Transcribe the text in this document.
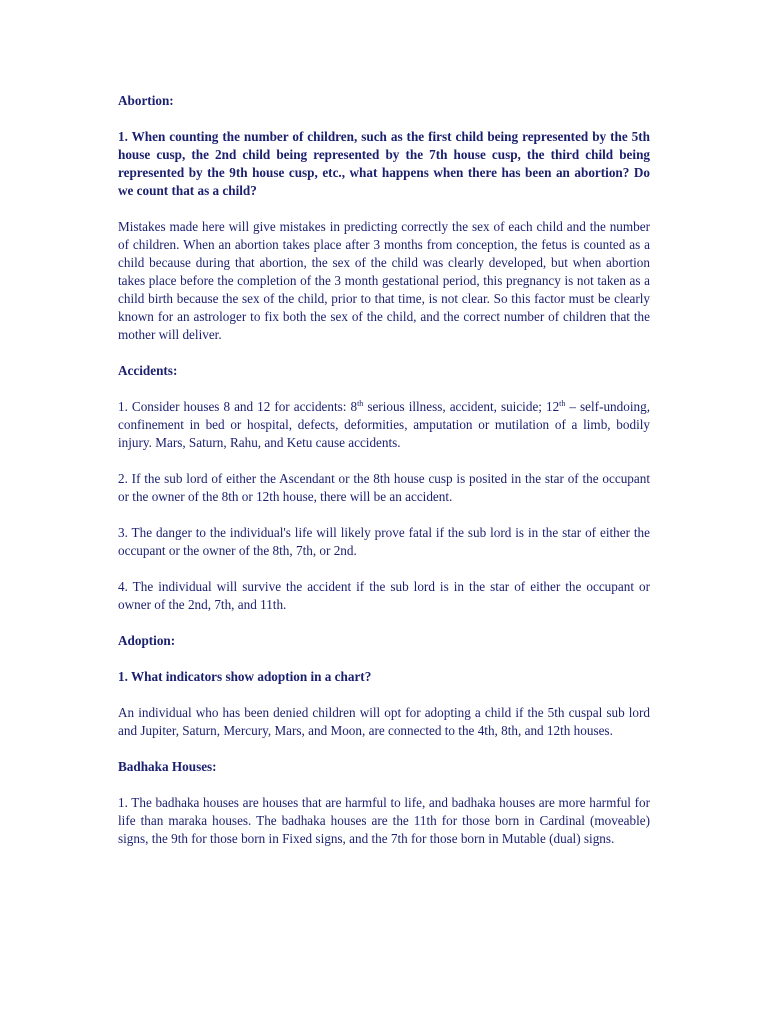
Abortion:

1. When counting the number of children, such as the first child being represented by the 5th house cusp, the 2nd child being represented by the 7th house cusp, the third child being represented by the 9th house cusp, etc., what happens when there has been an abortion? Do we count that as a child?

Mistakes made here will give mistakes in predicting correctly the sex of each child and the number of children. When an abortion takes place after 3 months from conception, the fetus is counted as a child because during that abortion, the sex of the child was clearly developed, but when abortion takes place before the completion of the 3 month gestational period, this pregnancy is not taken as a child birth because the sex of the child, prior to that time, is not clear. So this factor must be clearly known for an astrologer to fix both the sex of the child, and the correct number of children that the mother will deliver.

Accidents:

1. Consider houses 8 and 12 for accidents: 8th serious illness, accident, suicide; 12th – self-undoing, confinement in bed or hospital, defects, deformities, amputation or mutilation of a limb, bodily injury. Mars, Saturn, Rahu, and Ketu cause accidents.

2. If the sub lord of either the Ascendant or the 8th house cusp is posited in the star of the occupant or the owner of the 8th or 12th house, there will be an accident.

3. The danger to the individual's life will likely prove fatal if the sub lord is in the star of either the occupant or the owner of the 8th, 7th, or 2nd.

4. The individual will survive the accident if the sub lord is in the star of either the occupant or owner of the 2nd, 7th, and 11th.

Adoption:

1. What indicators show adoption in a chart?

An individual who has been denied children will opt for adopting a child if the 5th cuspal sub lord and Jupiter, Saturn, Mercury, Mars, and Moon, are connected to the 4th, 8th, and 12th houses.

Badhaka Houses:

1. The badhaka houses are houses that are harmful to life, and badhaka houses are more harmful for life than maraka houses. The badhaka houses are the 11th for those born in Cardinal (moveable) signs, the 9th for those born in Fixed signs, and the 7th for those born in Mutable (dual) signs.
